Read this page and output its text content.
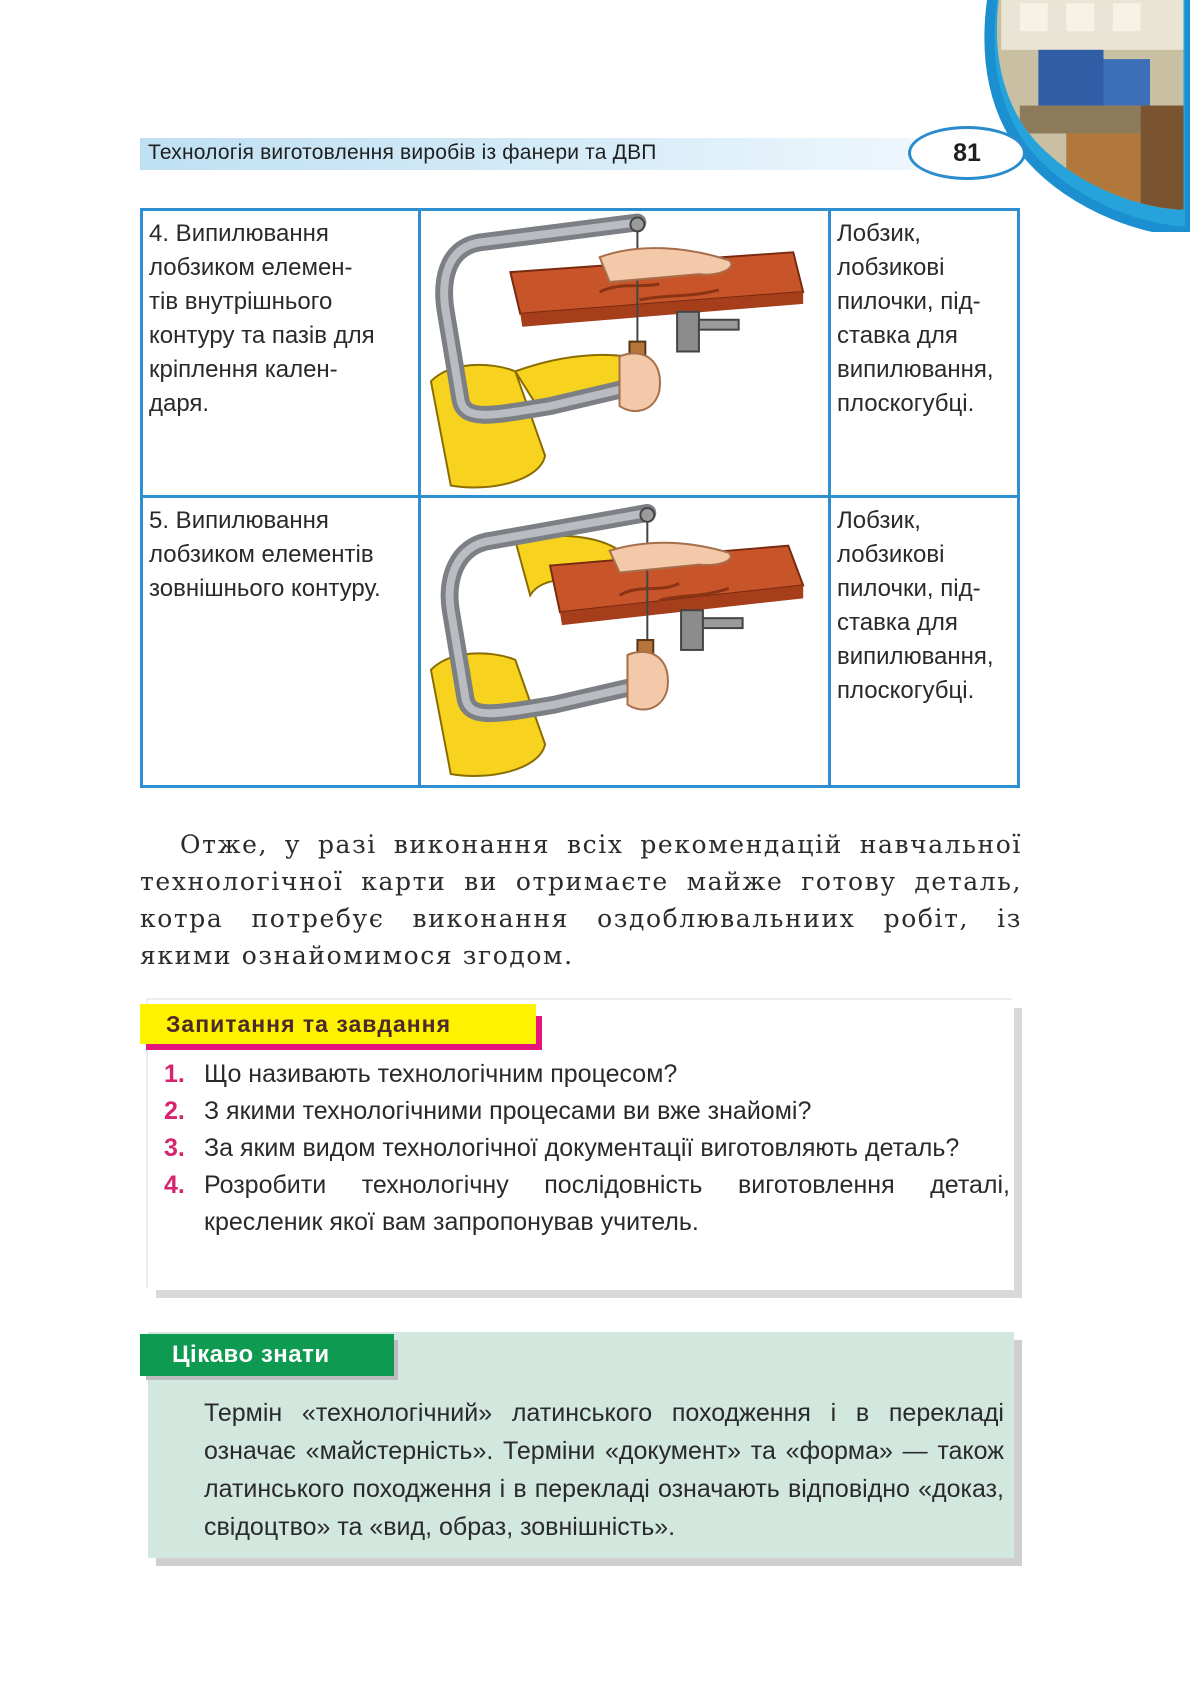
Технологія виготовлення виробів із фанери та ДВП	81
4. Випилювання
лобзиком елемен-
тів внутрішнього
контуру та пазів для
кріплення кален-
даря.
Лобзик,
лобзикові
пилочки, під-
ставка для
випилювання,
плоскогубці.
5. Випилювання
лобзиком елементів
зовнішнього контуру.
Лобзик,
лобзикові
пилочки, під-
ставка для
випилювання,
плоскогубці.

Отже, у разі виконання всіх рекомендацій навчальної технологічної карти ви отримаєте майже готову деталь, котра потребує виконання оздоблювальниих робіт, із якими ознайомимося згодом.

Запитання та завдання
1. Що називають технологічним процесом?
2. З якими технологічними процесами ви вже знайомі?
3. За яким видом технологічної документації виготовляють деталь?
4. Розробити технологічну послідовність виготовлення деталі, кресленик якої вам запропонував учитель.
Цікаво знати
Термін «технологічний» латинського походження і в перекладі означає «майстерність». Терміни «документ» та «форма» — також латинського походження і в перекладі означають відповідно «доказ, свідоцтво» та «вид, образ, зовнішність».
